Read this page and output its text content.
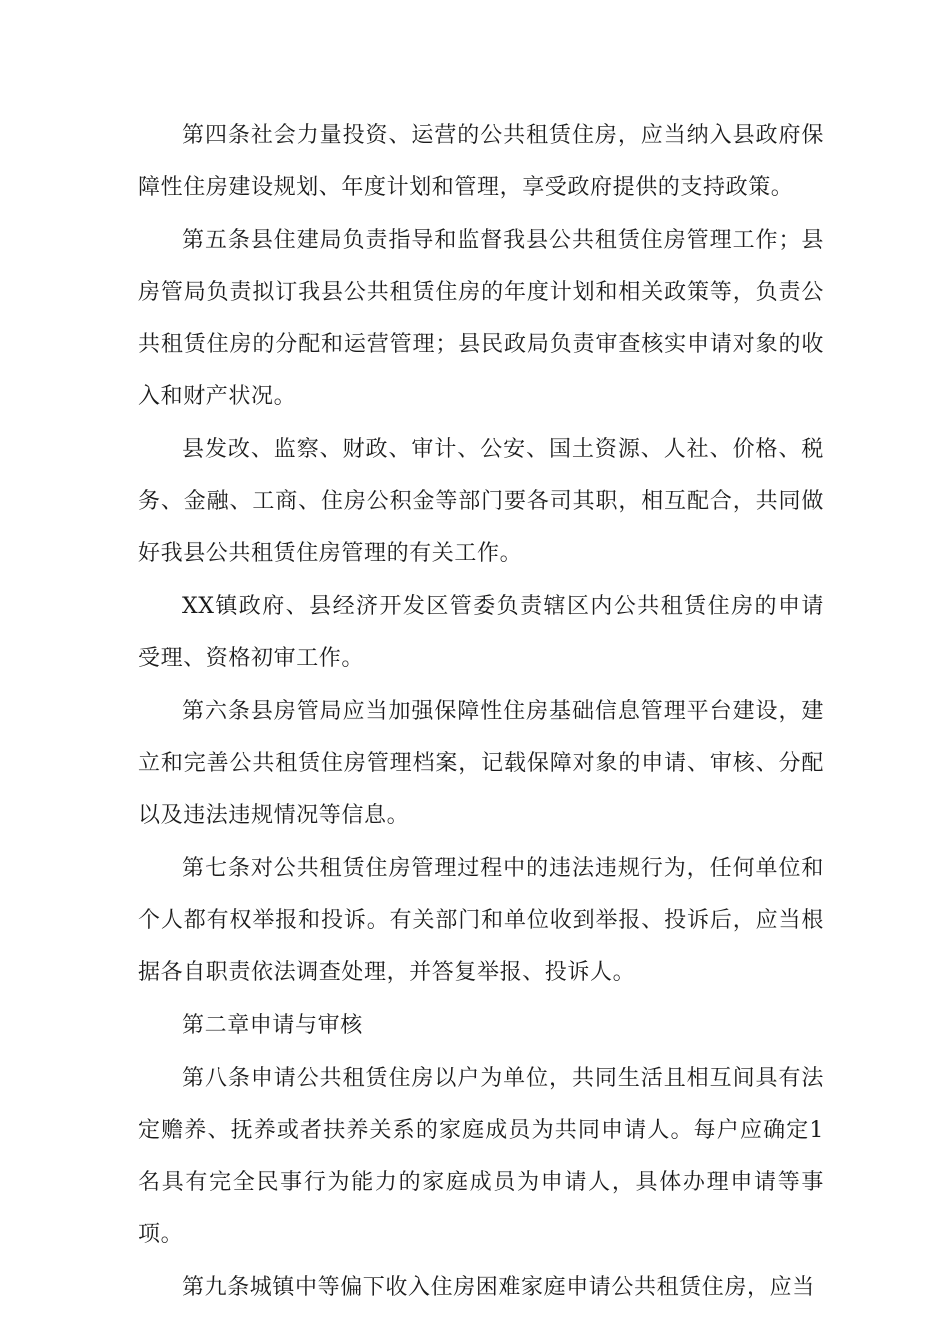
第四条社会力量投资、运营的公共租赁住房，应当纳入县政府保障性住房建设规划、年度计划和管理，享受政府提供的支持政策。

第五条县住建局负责指导和监督我县公共租赁住房管理工作；县房管局负责拟订我县公共租赁住房的年度计划和相关政策等，负责公共租赁住房的分配和运营管理；县民政局负责审查核实申请对象的收入和财产状况。

县发改、监察、财政、审计、公安、国土资源、人社、价格、税务、金融、工商、住房公积金等部门要各司其职，相互配合，共同做好我县公共租赁住房管理的有关工作。

XX镇政府、县经济开发区管委负责辖区内公共租赁住房的申请受理、资格初审工作。

第六条县房管局应当加强保障性住房基础信息管理平台建设，建立和完善公共租赁住房管理档案，记载保障对象的申请、审核、分配以及违法违规情况等信息。

第七条对公共租赁住房管理过程中的违法违规行为，任何单位和个人都有权举报和投诉。有关部门和单位收到举报、投诉后，应当根据各自职责依法调查处理，并答复举报、投诉人。

第二章申请与审核

第八条申请公共租赁住房以户为单位，共同生活且相互间具有法定赡养、抚养或者扶养关系的家庭成员为共同申请人。每户应确定1名具有完全民事行为能力的家庭成员为申请人，具体办理申请等事项。

第九条城镇中等偏下收入住房困难家庭申请公共租赁住房，应当
